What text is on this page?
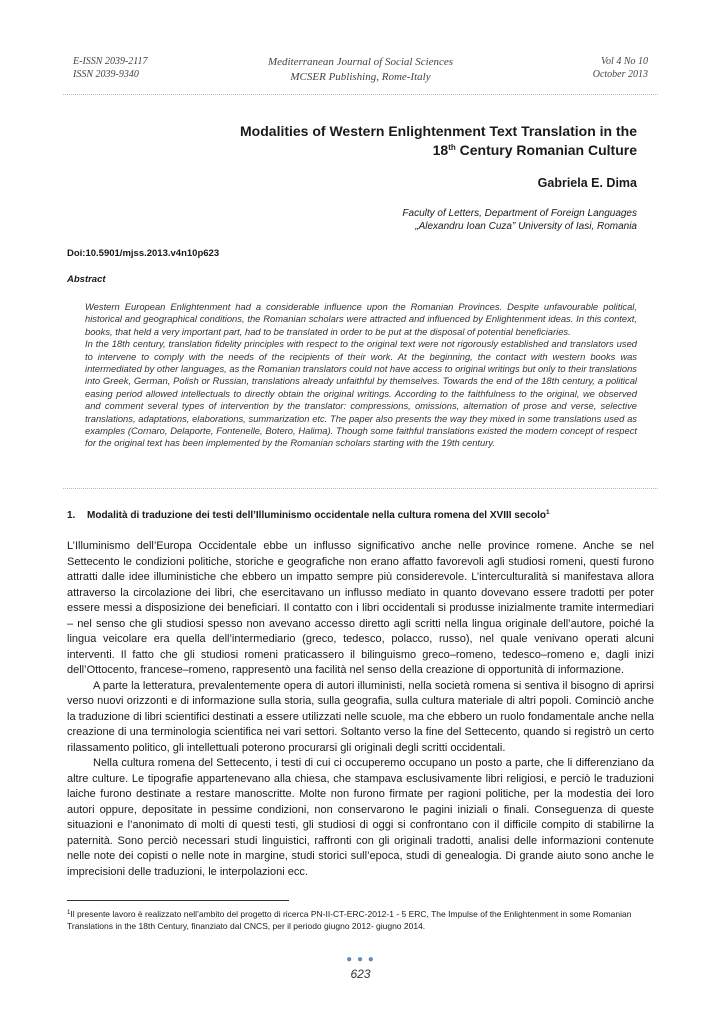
E-ISSN 2039-2117
ISSN 2039-9340
Mediterranean Journal of Social Sciences
MCSER Publishing, Rome-Italy
Vol 4 No 10
October 2013
Modalities of Western Enlightenment Text Translation in the
18th Century Romanian Culture
Gabriela E. Dima
Faculty of Letters, Department of Foreign Languages
„Alexandru Ioan Cuza” University of Iasi, Romania
Doi:10.5901/mjss.2013.v4n10p623
Abstract

Western European Enlightenment had a considerable influence upon the Romanian Provinces. Despite unfavourable political, historical and geographical conditions, the Romanian scholars were attracted and influenced by Enlightenment ideas. In this context, books, that held a very important part, had to be translated in order to be put at the disposal of potential beneficiaries.

In the 18th century, translation fidelity principles with respect to the original text were not rigorously established and translators used to intervene to comply with the needs of the recipients of their work. At the beginning, the contact with western books was intermediated by other languages, as the Romanian translators could not have access to original writings but only to their translations into Greek, German, Polish or Russian, translations already unfaithful by themselves. Towards the end of the 18th century, a political easing period allowed intellectuals to directly obtain the original writings. According to the faithfulness to the original, we observed and comment several types of intervention by the translator: compressions, omissions, alternation of prose and verse, selective translations, adaptations, elaborations, summarization etc. The paper also presents the way they mixed in some translations used as examples (Cornaro, Delaporte, Fontenelle, Botero, Halima). Though some faithful translations existed the modern concept of respect for the original text has been implemented by the Romanian scholars starting with the 19th century.

1. Modalità di traduzione dei testi dell’Illuminismo occidentale nella cultura romena del XVIII secolo$^1$

L’Illuminismo dell’Europa Occidentale ebbe un influsso significativo anche nelle province romene. Anche se nel Settecento le condizioni politiche, storiche e geografiche non erano affatto favorevoli agli studiosi romeni, questi furono attratti dalle idee illuministiche che ebbero un impatto sempre più considerevole. L’interculturalità si manifestava allora attraverso la circolazione dei libri, che esercitavano un influsso mediato in quanto dovevano essere tradotti per poter essere messi a disposizione dei beneficiari. Il contatto con i libri occidentali si produsse inizialmente tramite intermediari – nel senso che gli studiosi spesso non avevano accesso diretto agli scritti nella lingua originale dell’autore, poiché la lingua veicolare era quella dell’intermediario (greco, tedesco, polacco, russo), nel quale venivano operati alcuni interventi. Il fatto che gli studiosi romeni praticassero il bilinguismo greco–romeno, tedesco–romeno e, dagli inizi dell’Ottocento, francese–romeno, rappresentò una facilità nel senso della creazione di opportunità di informazione.

A parte la letteratura, prevalentemente opera di autori illuministi, nella società romena si sentiva il bisogno di aprirsi verso nuovi orizzonti e di informazione sulla storia, sulla geografia, sulla cultura materiale di altri popoli. Cominciò anche la traduzione di libri scientifici destinati a essere utilizzati nelle scuole, ma che ebbero un ruolo fondamentale anche nella creazione di una terminologia scientifica nei vari settori. Soltanto verso la fine del Settecento, quando si registrò un certo rilassamento politico, gli intellettuali poterono procurarsi gli originali degli scritti occidentali.

Nella cultura romena del Settecento, i testi di cui ci occuperemo occupano un posto a parte, che li differenziano da altre culture. Le tipografie appartenevano alla chiesa, che stampava esclusivamente libri religiosi, e perciò le traduzioni laiche furono destinate a restare manoscritte. Molte non furono firmate per ragioni politiche, per la modestia dei loro autori oppure, depositate in pessime condizioni, non conservarono le pagini iniziali o finali. Conseguenza di queste situazioni e l’anonimato di molti di questi testi, gli studiosi di oggi si confrontano con il difficile compito di stabilirne la paternità. Sono perciò necessari studi linguistici, raffronti con gli originali tradotti, analisi delle informazioni contenute nelle note dei copisti o nelle note in margine, studi storici sull’epoca, studi di genealogia. Di grande aiuto sono anche le imprecisioni delle traduzioni, le interpolazioni ecc.

$^1$Il presente lavoro è realizzato nell’ambito del progetto di ricerca PN-II-CT-ERC-2012-1 - 5 ERC, The Impulse of the Enlightenment in some Romanian Translations in the 18th Century, finanziato dal CNCS, per il periodo giugno 2012- giugno 2014.
● ● ●
623
